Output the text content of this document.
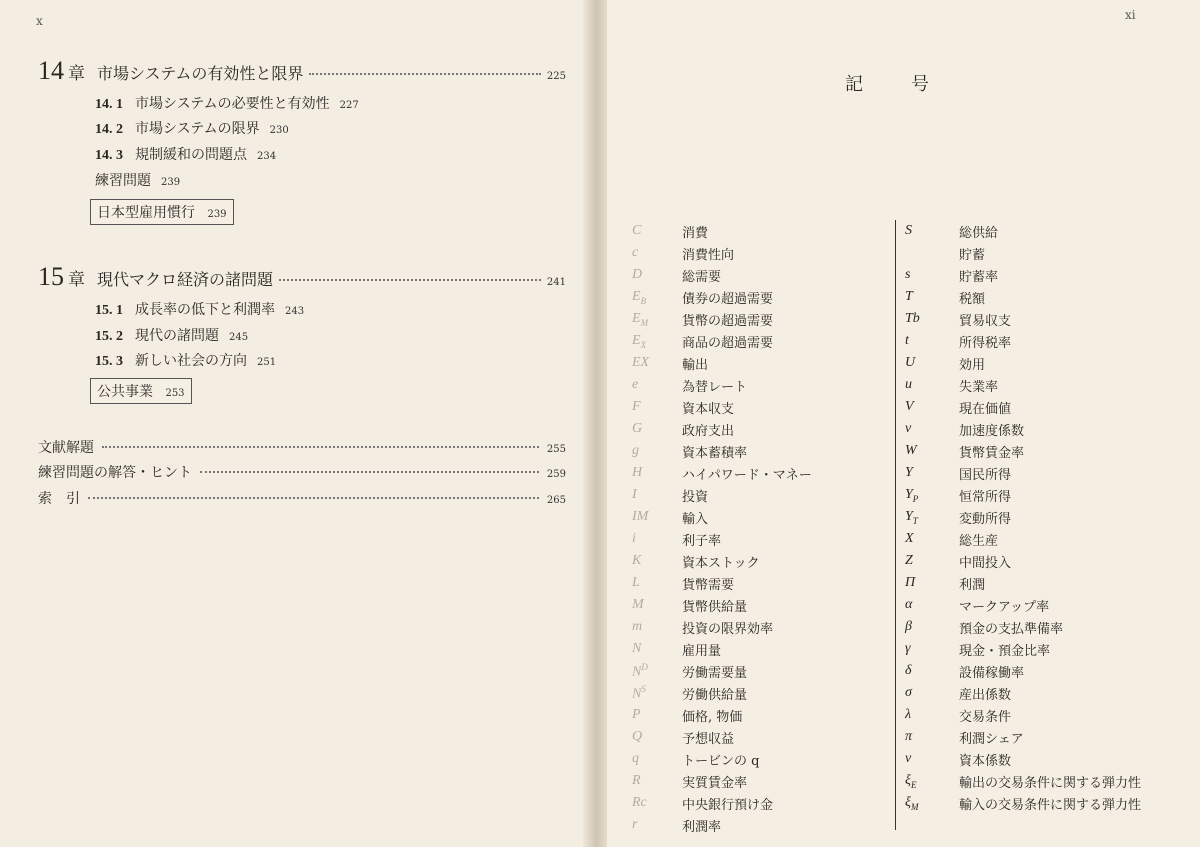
x	xi
14 章 市場システムの有効性と限界	225
14. 1 市場システムの必要性と有効性 227
14. 2 市場システムの限界 230
14. 3 規制緩和の問題点 234
練習問題 239
日本型雇用慣行 239
15 章 現代マクロ経済の諸問題	241
15. 1 成長率の低下と利潤率 243
15. 2 現代の諸問題 245
15. 3 新しい社会の方向 251
公共事業 253
文献解題	255
練習問題の解答・ヒント	259
索　引	265
記号
C	消費
c	消費性向
D	総需要
$E_B$	債券の超過需要
$E_M$	貨幣の超過需要
$E_X$	商品の超過需要
EX	輸出
e	為替レート
F	資本収支
G	政府支出
g	資本蓄積率
H	ハイパワード・マネー
I	投資
IM	輸入
i	利子率
K	資本ストック
L	貨幣需要
M	貨幣供給量
m	投資の限界効率
N	雇用量
$N^D$	労働需要量
$N^S$	労働供給量
P	価格, 物価
Q	予想収益
q	トービンの q
R	実質賃金率
Rc	中央銀行預け金
r	利潤率
S	総供給
貯蓄
s	貯蓄率
T	税額
Tb	貿易収支
t	所得税率
U	効用
u	失業率
V	現在価値
v	加速度係数
W	貨幣賃金率
Y	国民所得
$Y_P$	恒常所得
$Y_T$	変動所得
X	総生産
Z	中間投入
Π	利潤
α	マークアップ率
β	預金の支払準備率
γ	現金・預金比率
δ	設備稼働率
σ	産出係数
λ	交易条件
π	利潤シェア
ν	資本係数
$\xi_E$	輸出の交易条件に関する弾力性
$\xi_M$	輸入の交易条件に関する弾力性
